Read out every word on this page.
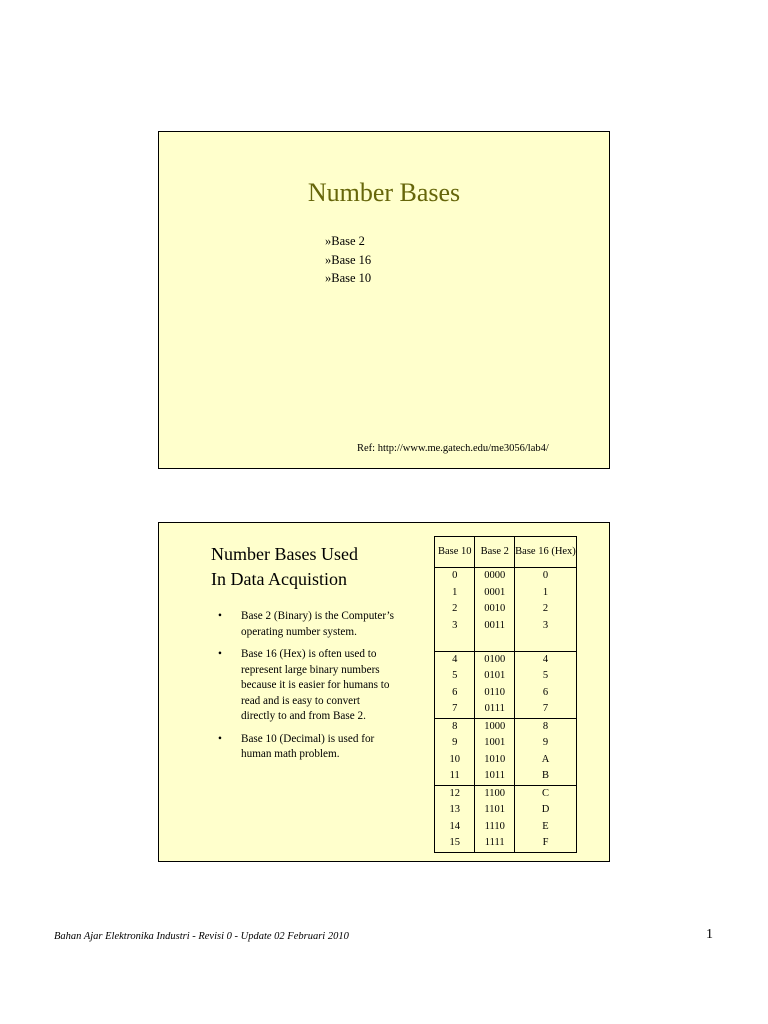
Number Bases
»Base 2
»Base 16
»Base 10
Ref: http://www.me.gatech.edu/me3056/lab4/
Number Bases Used
In Data Acquistion
• Base 2 (Binary) is the Computer’s operating number system.
• Base 16 (Hex) is often used to represent large binary numbers because it is easier for humans to read and is easy to convert directly to and from Base 2.
• Base 10 (Decimal) is used for human math problem.
Base 10	Base 2	Base 16 (Hex)
0	0000	0
1	0001	1
2	0010	2
3	0011	3
4	0100	4
5	0101	5
6	0110	6
7	0111	7
8	1000	8
9	1001	9
10	1010	A
11	1011	B
12	1100	C
13	1101	D
14	1110	E
15	1111	F
Bahan Ajar Elektronika Industri - Revisi 0 - Update 02 Februari 2010	1
